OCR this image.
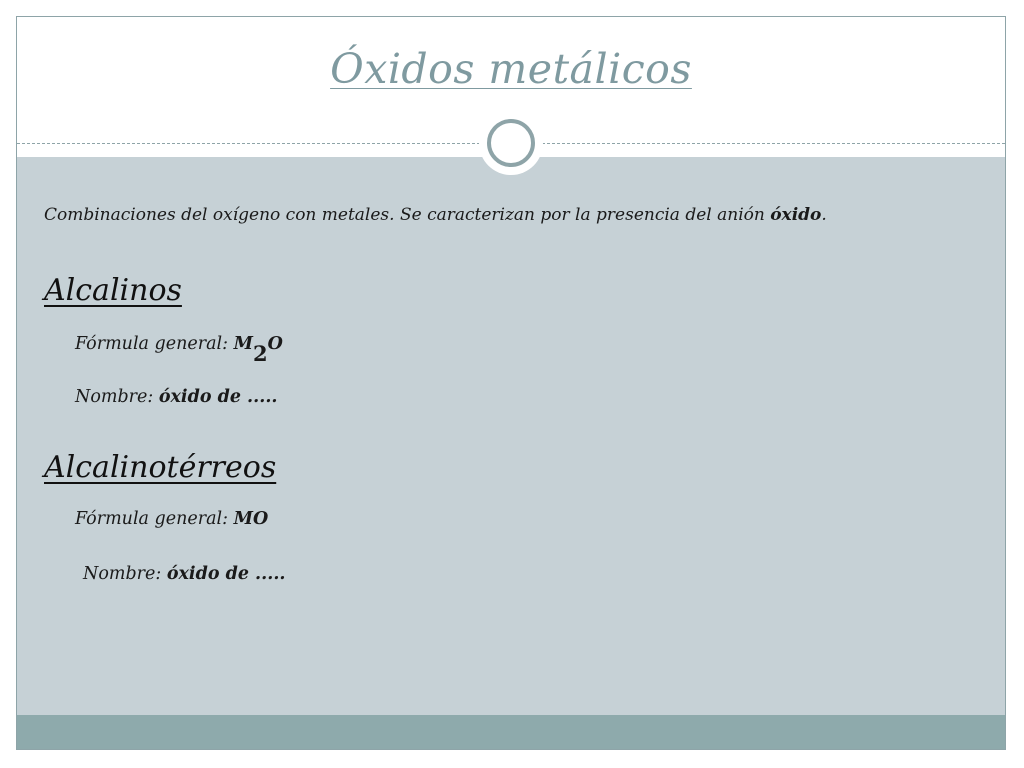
Óxidos metálicos

Combinaciones del oxígeno con metales. Se caracterizan por la presencia del anión óxido.

Alcalinos

Fórmula general: M2O

Nombre: óxido de .....

Alcalinotérreos

Fórmula general: MO

Nombre: óxido de .....
